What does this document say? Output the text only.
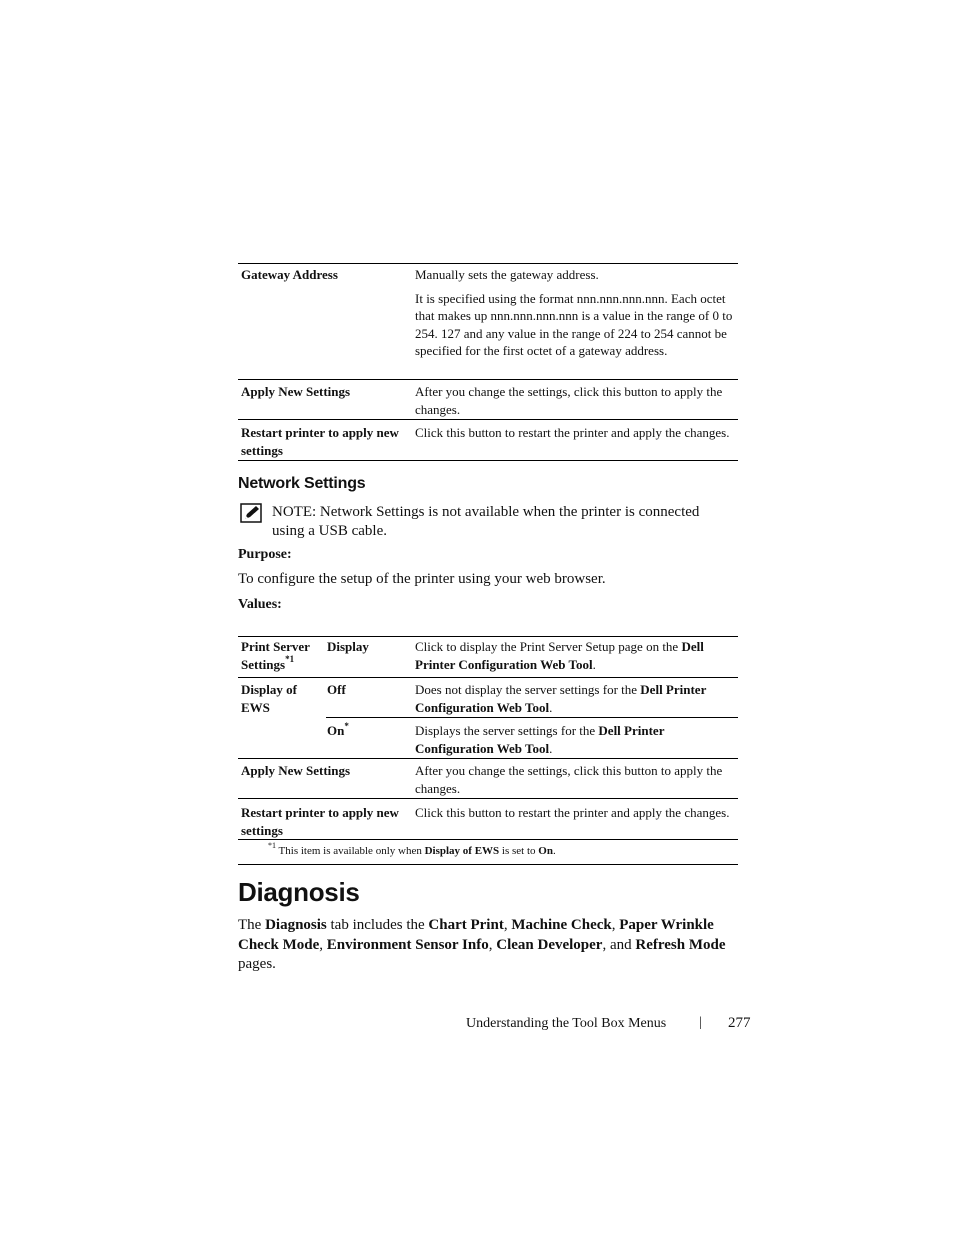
Gateway Address	Manually sets the gateway address.

It is specified using the format nnn.nnn.nnn.nnn. Each octet that makes up nnn.nnn.nnn.nnn is a value in the range of 0 to 254. 127 and any value in the range of 224 to 254 cannot be specified for the first octet of a gateway address.

Apply New Settings	After you change the settings, click this button to apply the changes.
Restart printer to apply new settings	Click this button to restart the printer and apply the changes.
Network Settings
NOTE: Network Settings is not available when the printer is connected using a USB cable.
Purpose:
To configure the setup of the printer using your web browser.
Values:
Print Server Settings$^{*1}$	Display	Click to display the Print Server Setup page on the Dell Printer Configuration Web Tool.
Display of EWS	Off	Does not display the server settings for the Dell Printer Configuration Web Tool.
	On*	Displays the server settings for the Dell Printer Configuration Web Tool.
Apply New Settings		After you change the settings, click this button to apply the changes.
Restart printer to apply new settings		Click this button to restart the printer and apply the changes.
$^{*1}$ This item is available only when Display of EWS is set to On.
Diagnosis
The Diagnosis tab includes the Chart Print, Machine Check, Paper Wrinkle Check Mode, Environment Sensor Info, Clean Developer, and Refresh Mode pages.
Understanding the Tool Box Menus | 277
